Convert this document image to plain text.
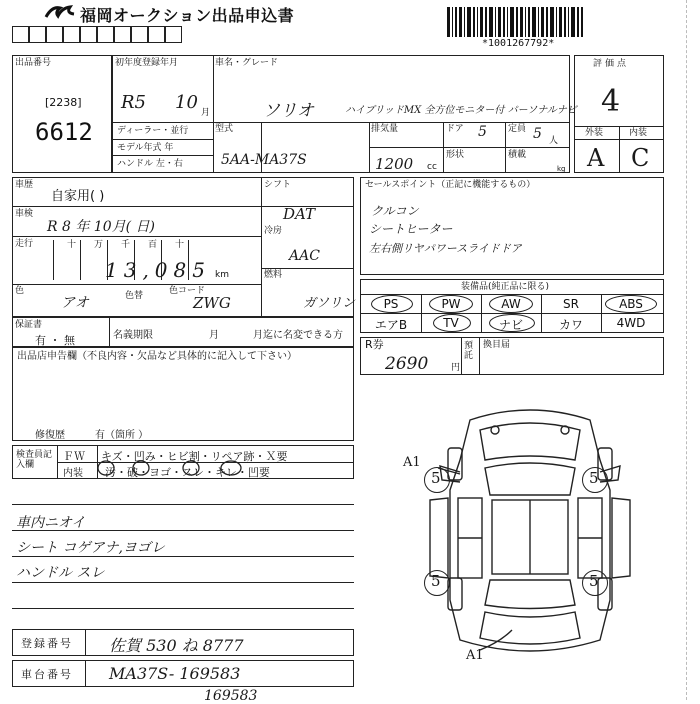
福岡オークション出品申込書
*1001267792*
出品番号
[2238]
6612
初年度登録年月
R5 10 月
車名・グレード
ソリオ	ハイブリッドMX 全方位モニター付 パーソナルナビ
ディーラー・並行
モデル年式 年
ハンドル 左・右
型式
5AA-MA37S
排気量
1200 cc
ドア 5 定員 5 人
形状	積載
kg
評価点
4
外装	内装
A C
車歴
自家用( )
車検
R 8 年 10月( 日)
走行	十 万 千 百 十
13,085 km
色
アオ	色替	色コード
ZWG
シフト
DAT
冷房
AAC
燃料
ガソリン
セールスポイント（正記に機能するもの）
クルコン
シートヒーター
左右側リヤパワースライドドア
装備品(純正品に限る)
PS	PW	AW	SR	ABS
エアB	TV	ナビ	カワ	4WD
保証書
有 ・ 無	名義期限	月	月迄に名変できる方
R券
2690	円
預託
換目届
出品店申告欄（不良内容・欠品など具体的に記入して下さい）
修復歴	有（箇所 ）
検査員記入欄
ＦＷ キズ・凹み・ヒビ割・リペア跡・Ｘ要
内装 汚・破・ヨゴ・スレ・キレ・凹要
車内ニオイ
シート コゲアナ,ヨゴレ
ハンドル スレ
5	5
5	5
A1
A1
登録番号 佐賀 530 ね 8777
車台番号 MA37S- 169583
169583
